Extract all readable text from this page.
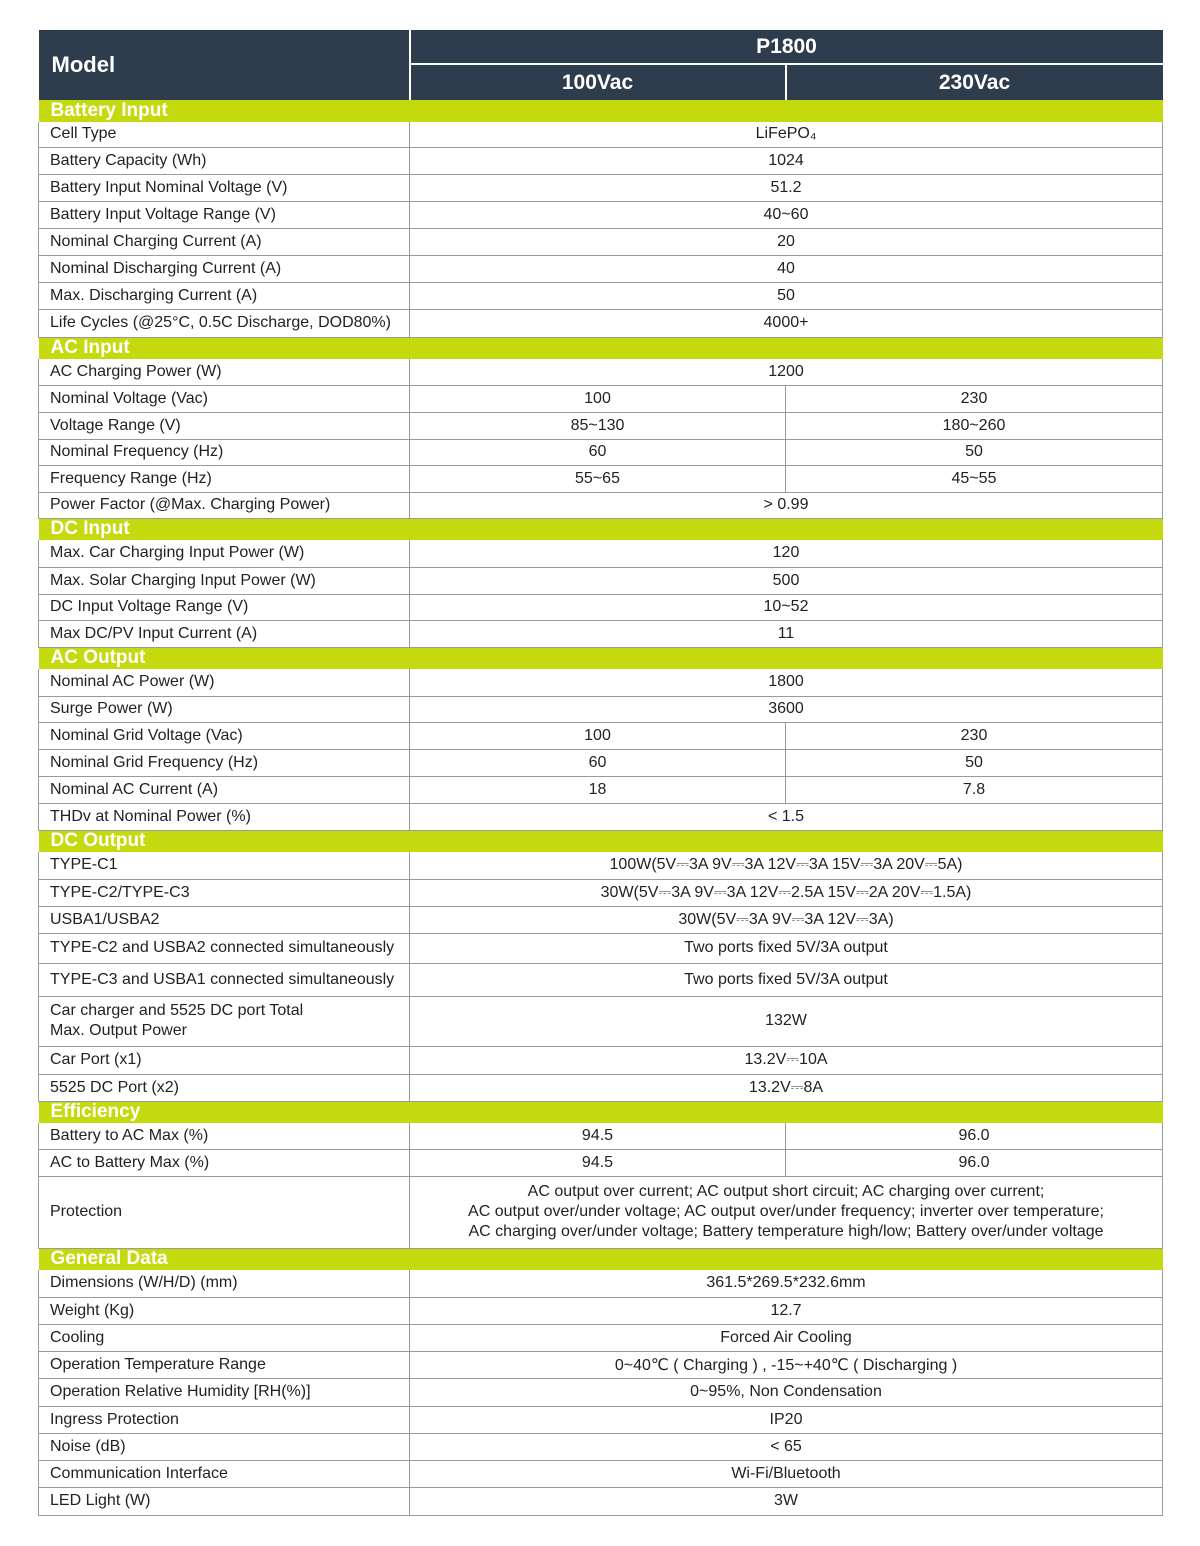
Model	P1800	
	100Vac	230Vac
Battery Input		
Cell Type	LiFePO₄	
Battery Capacity (Wh)	1024	
Battery Input Nominal Voltage (V)	51.2	
Battery Input Voltage Range (V)	40~60	
Nominal Charging Current (A)	20	
Nominal Discharging Current (A)	40	
Max. Discharging Current (A)	50	
Life Cycles (@25°C, 0.5C Discharge, DOD80%)	4000+	
AC Input		
AC Charging Power (W)	1200	
Nominal Voltage (Vac)	100	230
Voltage Range (V)	85~130	180~260
Nominal Frequency (Hz)	60	50
Frequency Range (Hz)	55~65	45~55
Power Factor (@Max. Charging Power)	> 0.99	
DC Input		
Max. Car Charging Input Power (W)	120	
Max. Solar Charging Input Power (W)	500	
DC Input Voltage Range (V)	10~52	
Max DC/PV Input Current (A)	11	
AC Output		
Nominal AC Power (W)	1800	
Surge Power (W)	3600	
Nominal Grid Voltage (Vac)	100	230
Nominal Grid Frequency (Hz)	60	50
Nominal AC Current (A)	18	7.8
THDv at Nominal Power (%)	< 1.5	
DC Output		
TYPE-C1	100W(5V⎓3A 9V⎓3A 12V⎓3A 15V⎓3A 20V⎓5A)	
TYPE-C2/TYPE-C3	30W(5V⎓3A 9V⎓3A 12V⎓2.5A 15V⎓2A 20V⎓1.5A)	
USBA1/USBA2	30W(5V⎓3A 9V⎓3A 12V⎓3A)	
TYPE-C2 and USBA2 connected simultaneously	Two ports fixed 5V/3A output	
TYPE-C3 and USBA1 connected simultaneously	Two ports fixed 5V/3A output	
Car charger and 5525 DC port Total
Max. Output Power	132W	
Car Port (x1)	13.2V⎓10A	
5525 DC Port (x2)	13.2V⎓8A	
Efficiency		
Battery to AC Max (%)	94.5	96.0
AC to Battery Max (%)	94.5	96.0
Protection	AC output over current; AC output short circuit; AC charging over current;
AC output over/under voltage; AC output over/under frequency; inverter over temperature;
AC charging over/under voltage; Battery temperature high/low; Battery over/under voltage	
General Data		
Dimensions (W/H/D) (mm)	361.5*269.5*232.6mm	
Weight (Kg)	12.7	
Cooling	Forced Air Cooling	
Operation Temperature Range	0~40℃ ( Charging ) , -15~+40℃ ( Discharging )	
Operation Relative Humidity [RH(%)]	0~95%, Non Condensation	
Ingress Protection	IP20	
Noise (dB)	< 65	
Communication Interface	Wi-Fi/Bluetooth	
LED Light (W)	3W	
